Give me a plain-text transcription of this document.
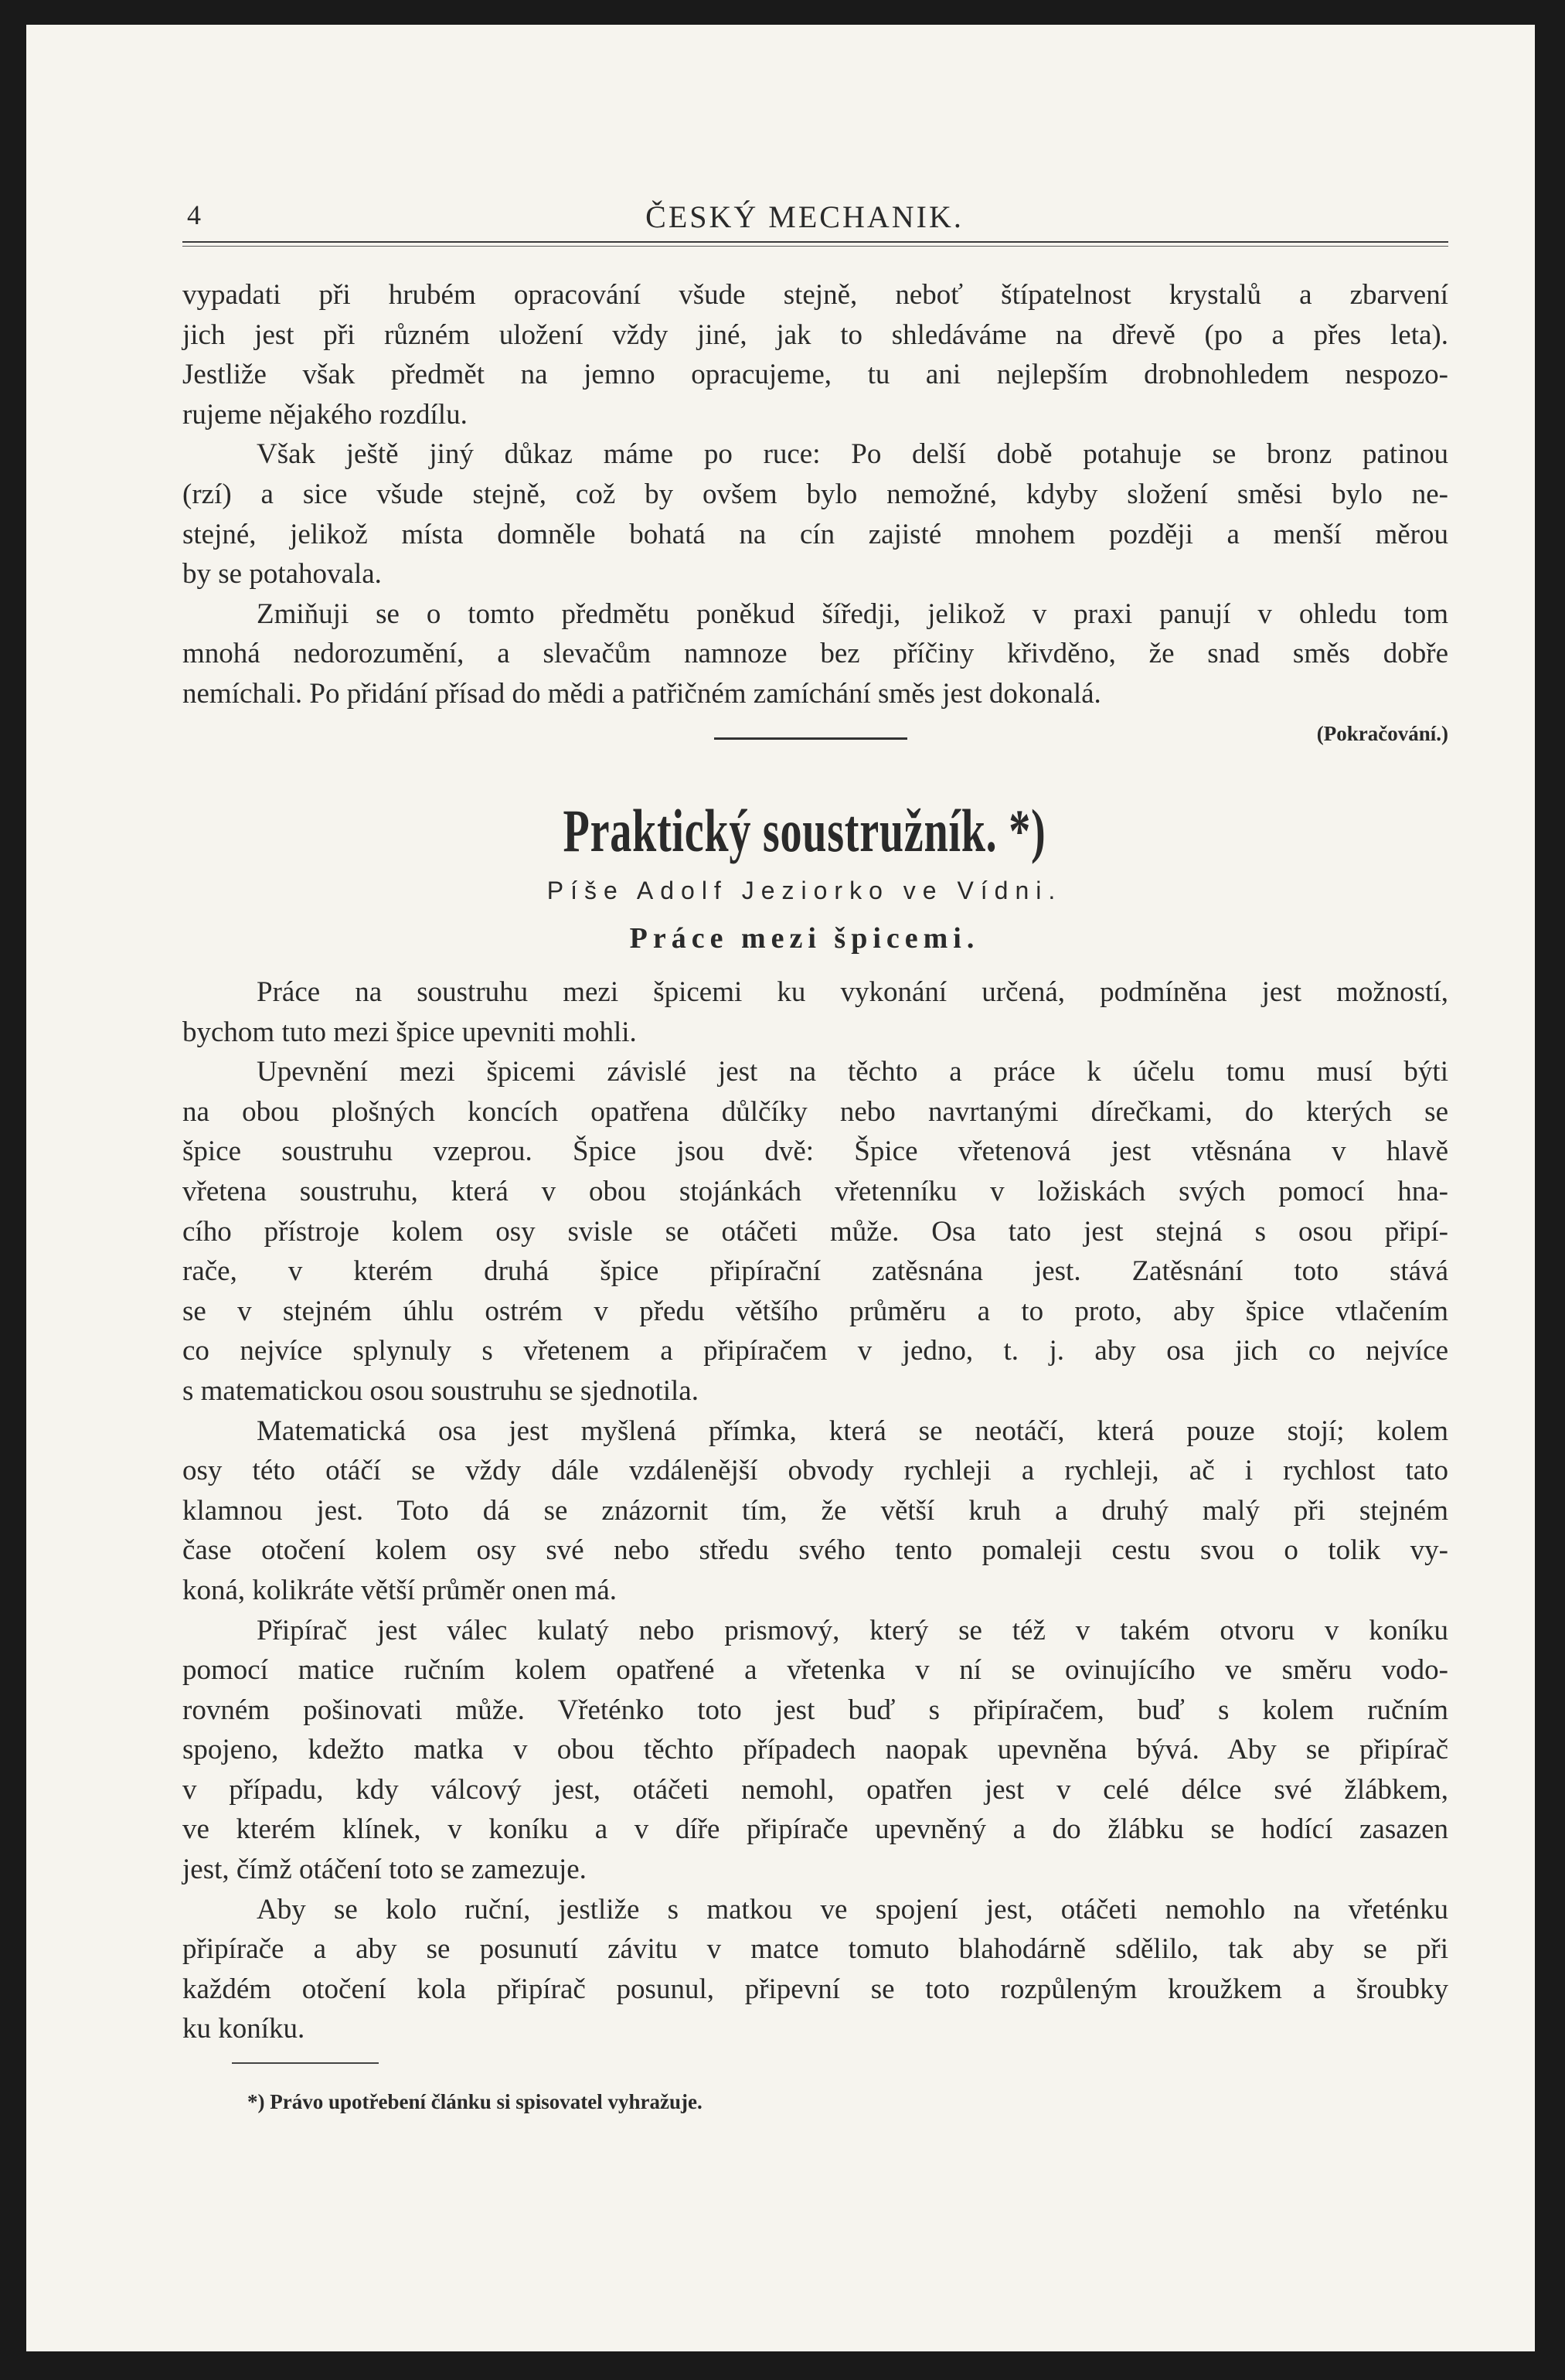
4	ČESKÝ MECHANIK.

vypadati při hrubém opracování všude stejně, neboť štípatelnost krystalů a zbarvení
jich jest při různém uložení vždy jiné, jak to shledáváme na dřevě (po a přes leta).
Jestliže však předmět na jemno opracujeme, tu ani nejlepším drobnohledem nespozo-
rujeme nějakého rozdílu.

Však ještě jiný důkaz máme po ruce: Po delší době potahuje se bronz patinou
(rzí) a sice všude stejně, což by ovšem bylo nemožné, kdyby složení směsi bylo ne-
stejné, jelikož místa domněle bohatá na cín zajisté mnohem později a menší měrou
by se potahovala.

Zmiňuji se o tomto předmětu poněkud šíředji, jelikož v praxi panují v ohledu tom
mnohá nedorozumění, a slevačům namnoze bez příčiny křivděno, že snad směs dobře
nemíchali. Po přidání přísad do mědi a patřičném zamíchání směs jest dokonalá.

(Pokračování.)
Praktický soustružník. *)
Píše Adolf Jeziorko ve Vídni.
Práce mezi špicemi.

Práce na soustruhu mezi špicemi ku vykonání určená, podmíněna jest možností,
bychom tuto mezi špice upevniti mohli.

Upevnění mezi špicemi závislé jest na těchto a práce k účelu tomu musí býti
na obou plošných koncích opatřena důlčíky nebo navrtanými dírečkami, do kterých se
špice soustruhu vzeprou. Špice jsou dvě: Špice vřetenová jest vtěsnána v hlavě
vřetena soustruhu, která v obou stojánkách vřetenníku v ložiskách svých pomocí hna-
cího přístroje kolem osy svisle se otáčeti může. Osa tato jest stejná s osou připí-
rače, v kterém druhá špice připírační zatěsnána jest. Zatěsnání toto stává
se v stejném úhlu ostrém v předu většího průměru a to proto, aby špice vtlačením
co nejvíce splynuly s vřetenem a připíračem v jedno, t. j. aby osa jich co nejvíce
s matematickou osou soustruhu se sjednotila.

Matematická osa jest myšlená přímka, která se neotáčí, která pouze stojí; kolem
osy této otáčí se vždy dále vzdálenější obvody rychleji a rychleji, ač i rychlost tato
klamnou jest. Toto dá se znázornit tím, že větší kruh a druhý malý při stejném
čase otočení kolem osy své nebo středu svého tento pomaleji cestu svou o tolik vy-
koná, kolikráte větší průměr onen má.

Připírač jest válec kulatý nebo prismový, který se též v takém otvoru v koníku
pomocí matice ručním kolem opatřené a vřetenka v ní se ovinujícího ve směru vodo-
rovném pošinovati může. Vřeténko toto jest buď s připíračem, buď s kolem ručním
spojeno, kdežto matka v obou těchto případech naopak upevněna bývá. Aby se připírač
v případu, kdy válcový jest, otáčeti nemohl, opatřen jest v celé délce své žlábkem,
ve kterém klínek, v koníku a v díře připírače upevněný a do žlábku se hodící zasazen
jest, čímž otáčení toto se zamezuje.

Aby se kolo ruční, jestliže s matkou ve spojení jest, otáčeti nemohlo na vřeténku
připírače a aby se posunutí závitu v matce tomuto blahodárně sdělilo, tak aby se při
každém otočení kola připírač posunul, připevní se toto rozpůleným kroužkem a šroubky
ku koníku.

*) Právo upotřebení článku si spisovatel vyhražuje.
